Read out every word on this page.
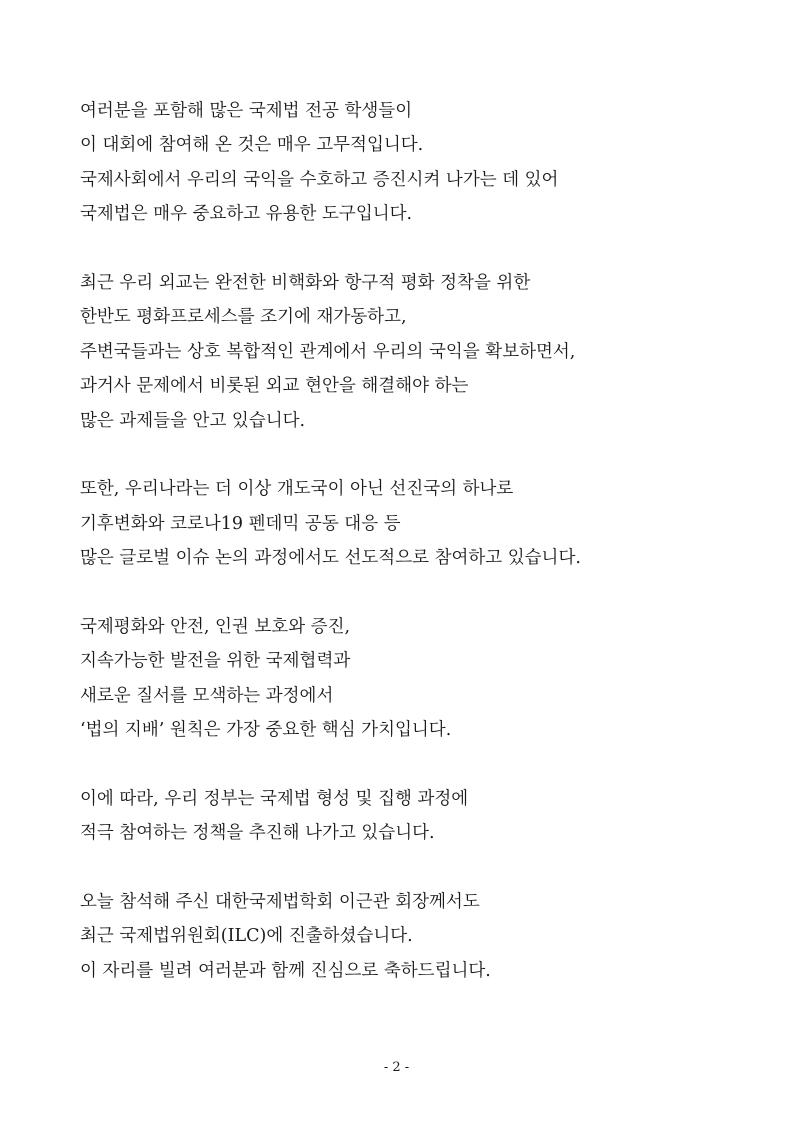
여러분을 포함해 많은 국제법 전공 학생들이
이 대회에 참여해 온 것은 매우 고무적입니다.
국제사회에서 우리의 국익을 수호하고 증진시켜 나가는 데 있어
국제법은 매우 중요하고 유용한 도구입니다.
최근 우리 외교는 완전한 비핵화와 항구적 평화 정착을 위한
한반도 평화프로세스를 조기에 재가동하고,
주변국들과는 상호 복합적인 관계에서 우리의 국익을 확보하면서,
과거사 문제에서 비롯된 외교 현안을 해결해야 하는
많은 과제들을 안고 있습니다.
또한, 우리나라는 더 이상 개도국이 아닌 선진국의 하나로
기후변화와 코로나19 펜데믹 공동 대응 등
많은 글로벌 이슈 논의 과정에서도 선도적으로 참여하고 있습니다.
국제평화와 안전, 인권 보호와 증진,
지속가능한 발전을 위한 국제협력과
새로운 질서를 모색하는 과정에서
‘법의 지배’ 원칙은 가장 중요한 핵심 가치입니다.
이에 따라, 우리 정부는 국제법 형성 및 집행 과정에
적극 참여하는 정책을 추진해 나가고 있습니다.
오늘 참석해 주신 대한국제법학회 이근관 회장께서도
최근 국제법위원회(ILC)에 진출하셨습니다.
이 자리를 빌려 여러분과 함께 진심으로 축하드립니다.
- 2 -
